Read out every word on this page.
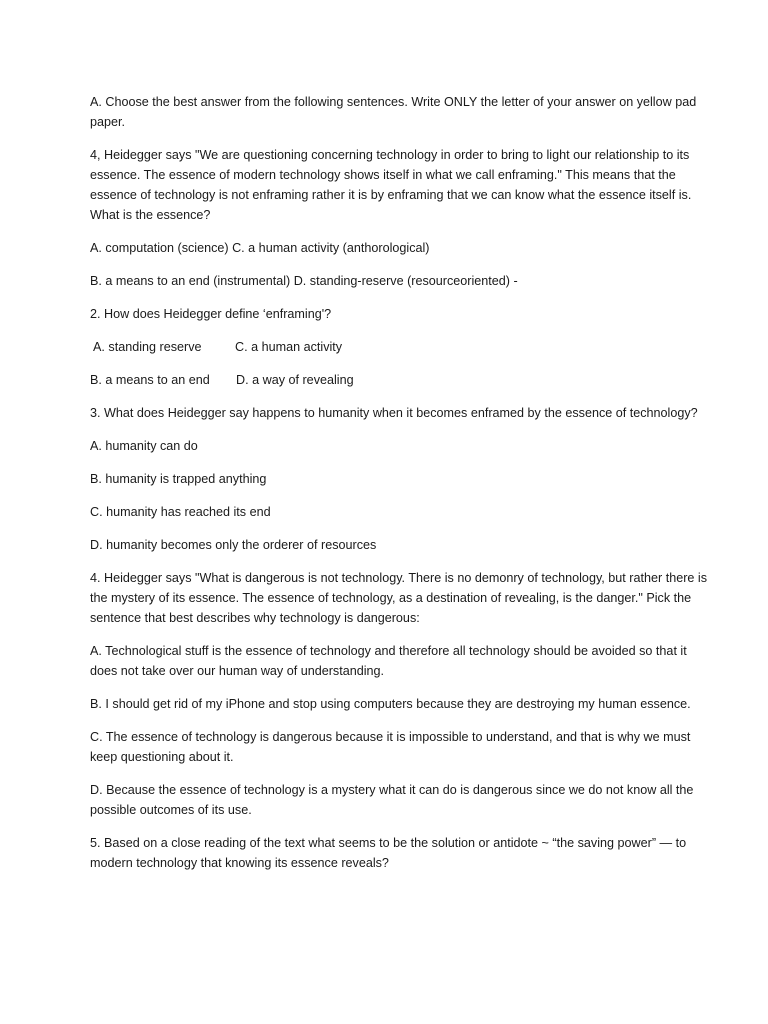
A. Choose the best answer from the following sentences. Write ONLY the letter of your answer on yellow pad paper.

4, Heidegger says "We are questioning concerning technology in order to bring to light our relationship to its essence. The essence of modern technology shows itself in what we call enframing." This means that the essence of technology is not enframing rather it is by enframing that we can know what the essence itself is. What is the essence?

A. computation (science) C. a human activity (anthorological)

B. a means to an end (instrumental) D. standing-reserve (resourceoriented) -

2. How does Heidegger define ‘enframing'?

A. standing reserve	C. a human activity
B. a means to an end	D. a way of revealing

3. What does Heidegger say happens to humanity when it becomes enframed by the essence of technology?

A. humanity can do

B. humanity is trapped anything

C. humanity has reached its end

D. humanity becomes only the orderer of resources

4. Heidegger says "What is dangerous is not technology. There is no demonry of technology, but rather there is the mystery of its essence. The essence of technology, as a destination of revealing, is the danger." Pick the sentence that best describes why technology is dangerous:

A. Technological stuff is the essence of technology and therefore all technology should be avoided so that it does not take over our human way of understanding.

B. I should get rid of my iPhone and stop using computers because they are destroying my human essence.

C. The essence of technology is dangerous because it is impossible to understand, and that is why we must keep questioning about it.

D. Because the essence of technology is a mystery what it can do is dangerous since we do not know all the possible outcomes of its use.

5. Based on a close reading of the text what seems to be the solution or antidote ~ “the saving power” — to modern technology that knowing its essence reveals?
